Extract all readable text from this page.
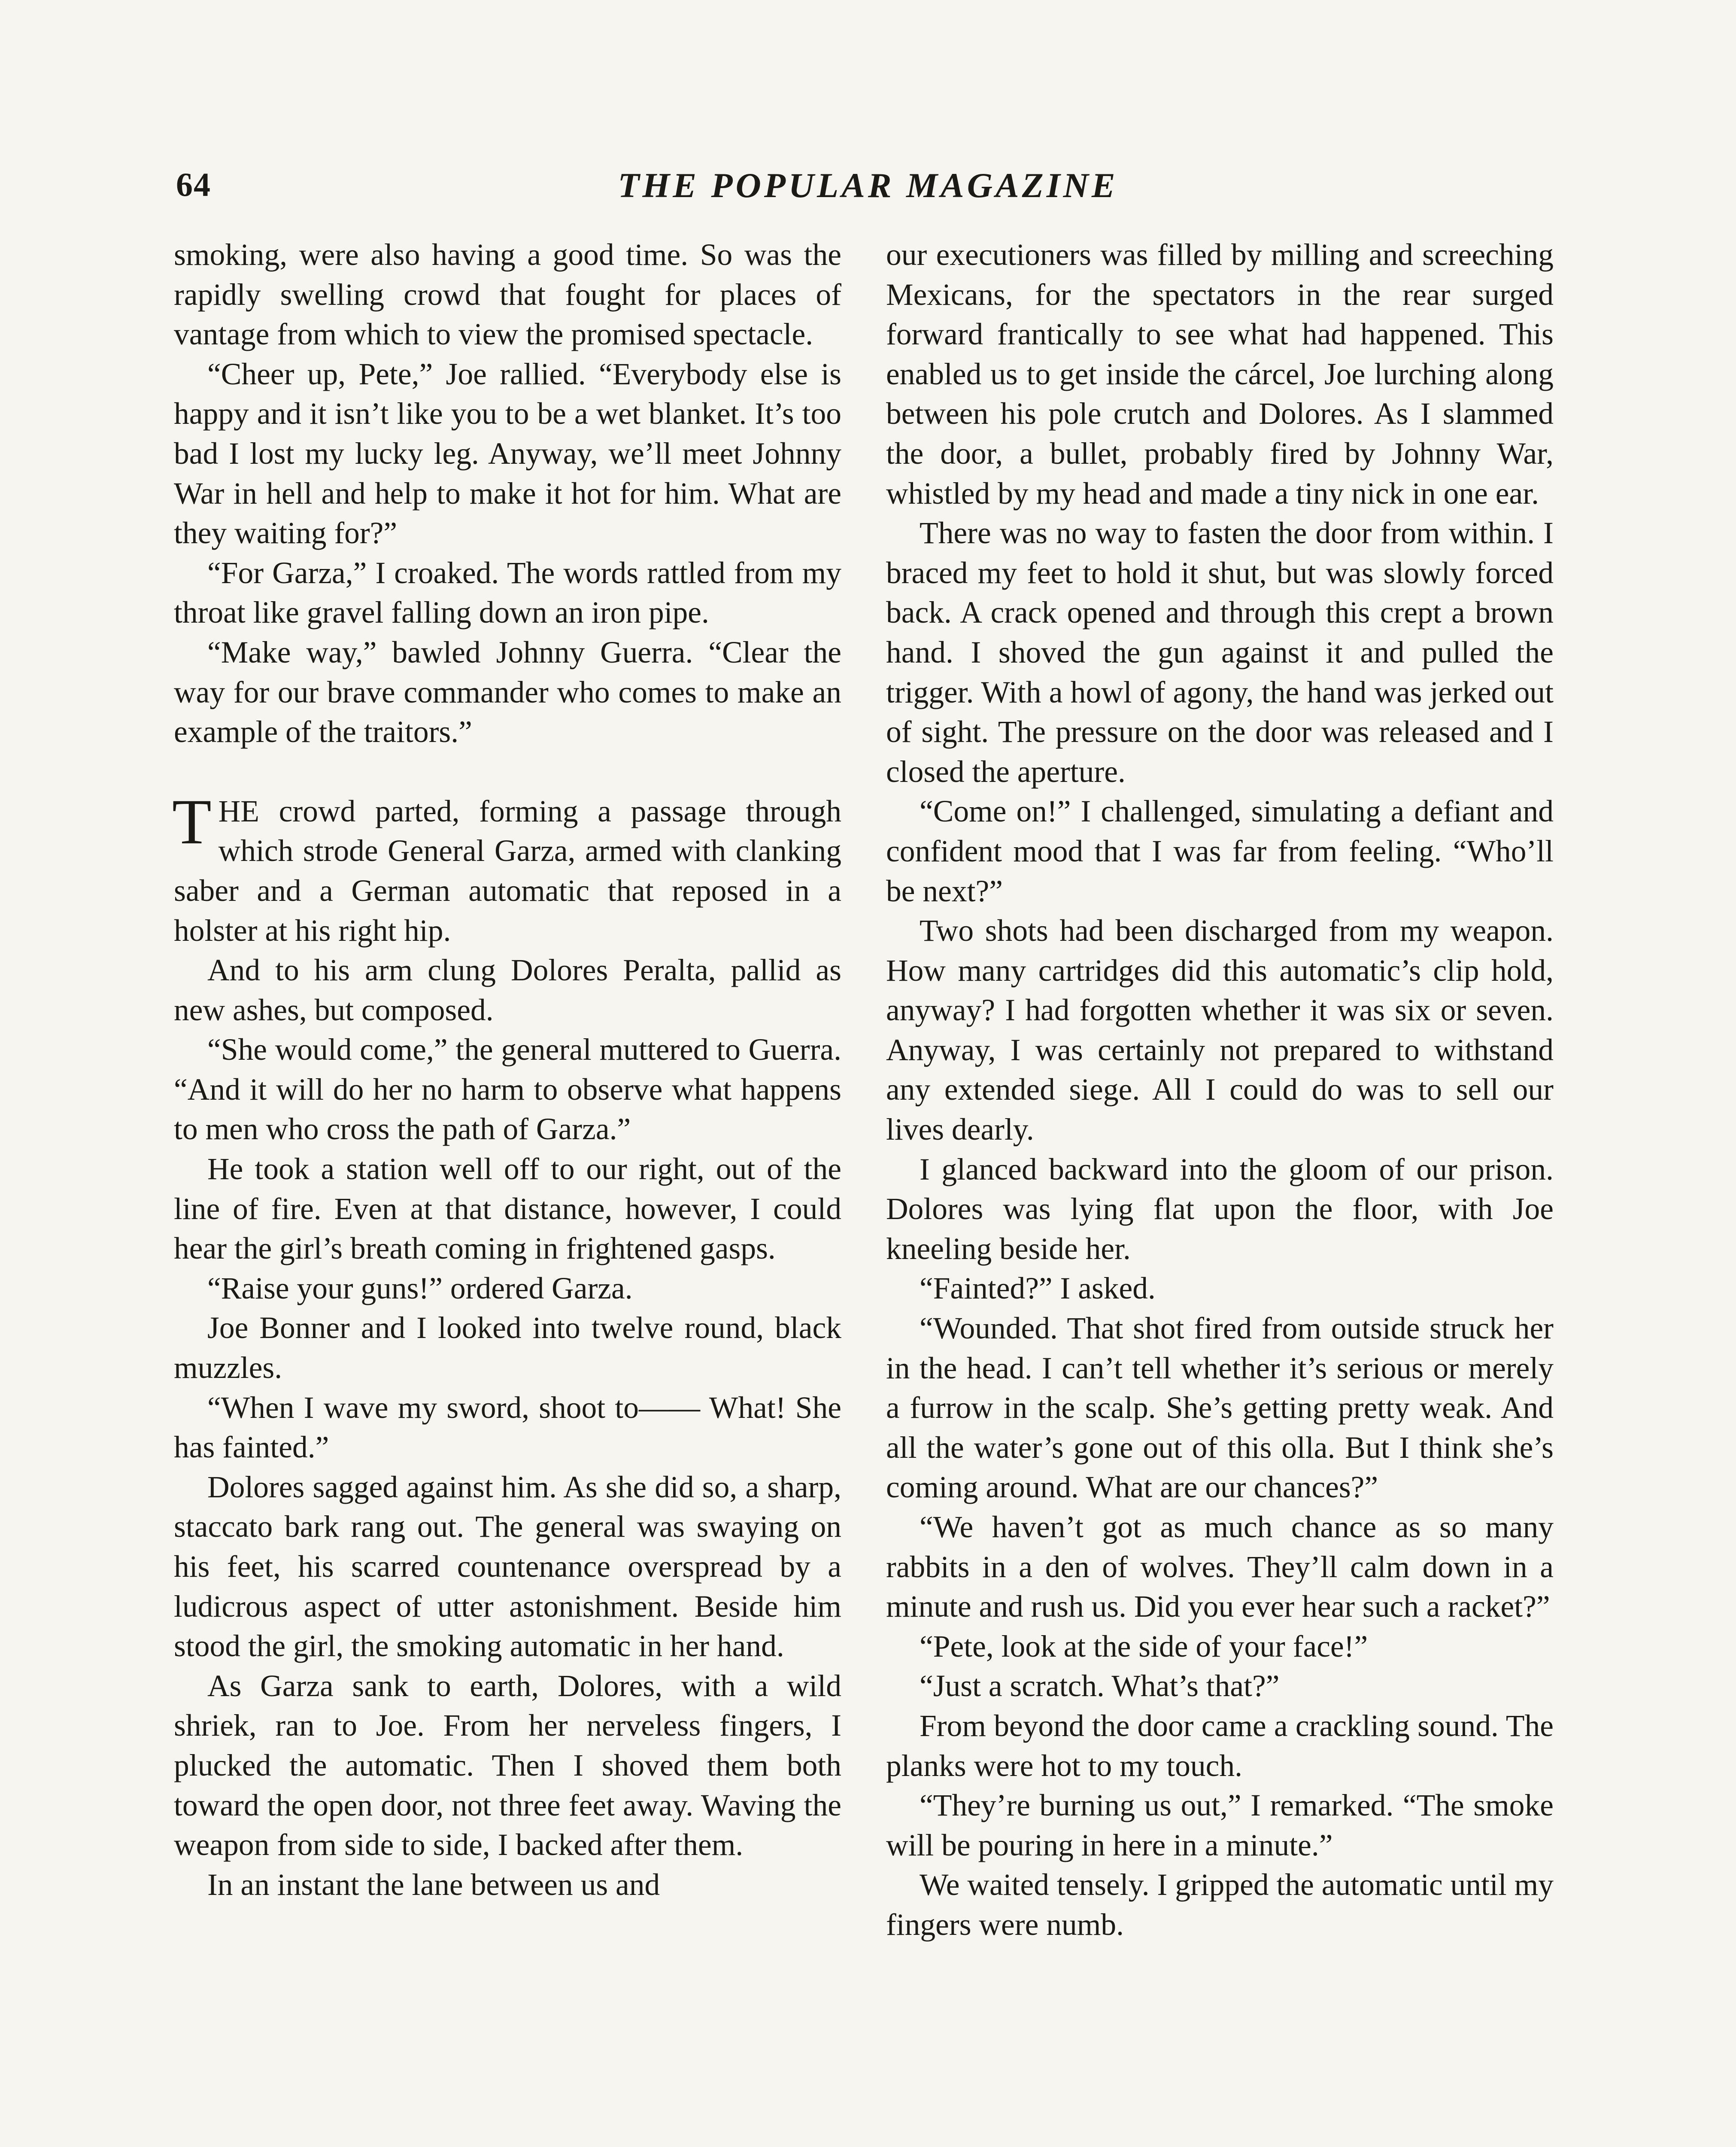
64	THE POPULAR MAGAZINE

smoking, were also having a good time. So was the rapidly swelling crowd that fought for places of vantage from which to view the promised spectacle.

“Cheer up, Pete,” Joe rallied. “Everybody else is happy and it isn’t like you to be a wet blanket. It’s too bad I lost my lucky leg. Anyway, we’ll meet Johnny War in hell and help to make it hot for him. What are they waiting for?”

“For Garza,” I croaked. The words rattled from my throat like gravel falling down an iron pipe.

“Make way,” bawled Johnny Guerra. “Clear the way for our brave commander who comes to make an example of the traitors.”

THE crowd parted, forming a passage through which strode General Garza, armed with clanking saber and a German automatic that reposed in a holster at his right hip.

And to his arm clung Dolores Peralta, pallid as new ashes, but composed.

“She would come,” the general muttered to Guerra. “And it will do her no harm to observe what happens to men who cross the path of Garza.”

He took a station well off to our right, out of the line of fire. Even at that distance, however, I could hear the girl’s breath coming in frightened gasps.

“Raise your guns!” ordered Garza.

Joe Bonner and I looked into twelve round, black muzzles.

“When I wave my sword, shoot to—— What! She has fainted.”

Dolores sagged against him. As she did so, a sharp, staccato bark rang out. The general was swaying on his feet, his scarred countenance overspread by a ludicrous aspect of utter astonishment. Beside him stood the girl, the smoking automatic in her hand.

As Garza sank to earth, Dolores, with a wild shriek, ran to Joe. From her nerveless fingers, I plucked the automatic. Then I shoved them both toward the open door, not three feet away. Waving the weapon from side to side, I backed after them.

In an instant the lane between us and

our executioners was filled by milling and screeching Mexicans, for the spectators in the rear surged forward frantically to see what had happened. This enabled us to get inside the cárcel, Joe lurching along between his pole crutch and Dolores. As I slammed the door, a bullet, probably fired by Johnny War, whistled by my head and made a tiny nick in one ear.

There was no way to fasten the door from within. I braced my feet to hold it shut, but was slowly forced back. A crack opened and through this crept a brown hand. I shoved the gun against it and pulled the trigger. With a howl of agony, the hand was jerked out of sight. The pressure on the door was released and I closed the aperture.

“Come on!” I challenged, simulating a defiant and confident mood that I was far from feeling. “Who’ll be next?”

Two shots had been discharged from my weapon. How many cartridges did this automatic’s clip hold, anyway? I had forgotten whether it was six or seven. Anyway, I was certainly not prepared to withstand any extended siege. All I could do was to sell our lives dearly.

I glanced backward into the gloom of our prison. Dolores was lying flat upon the floor, with Joe kneeling beside her.

“Fainted?” I asked.

“Wounded. That shot fired from outside struck her in the head. I can’t tell whether it’s serious or merely a furrow in the scalp. She’s getting pretty weak. And all the water’s gone out of this olla. But I think she’s coming around. What are our chances?”

“We haven’t got as much chance as so many rabbits in a den of wolves. They’ll calm down in a minute and rush us. Did you ever hear such a racket?”

“Pete, look at the side of your face!”

“Just a scratch. What’s that?”

From beyond the door came a crackling sound. The planks were hot to my touch.

“They’re burning us out,” I remarked. “The smoke will be pouring in here in a minute.”

We waited tensely. I gripped the automatic until my fingers were numb.
